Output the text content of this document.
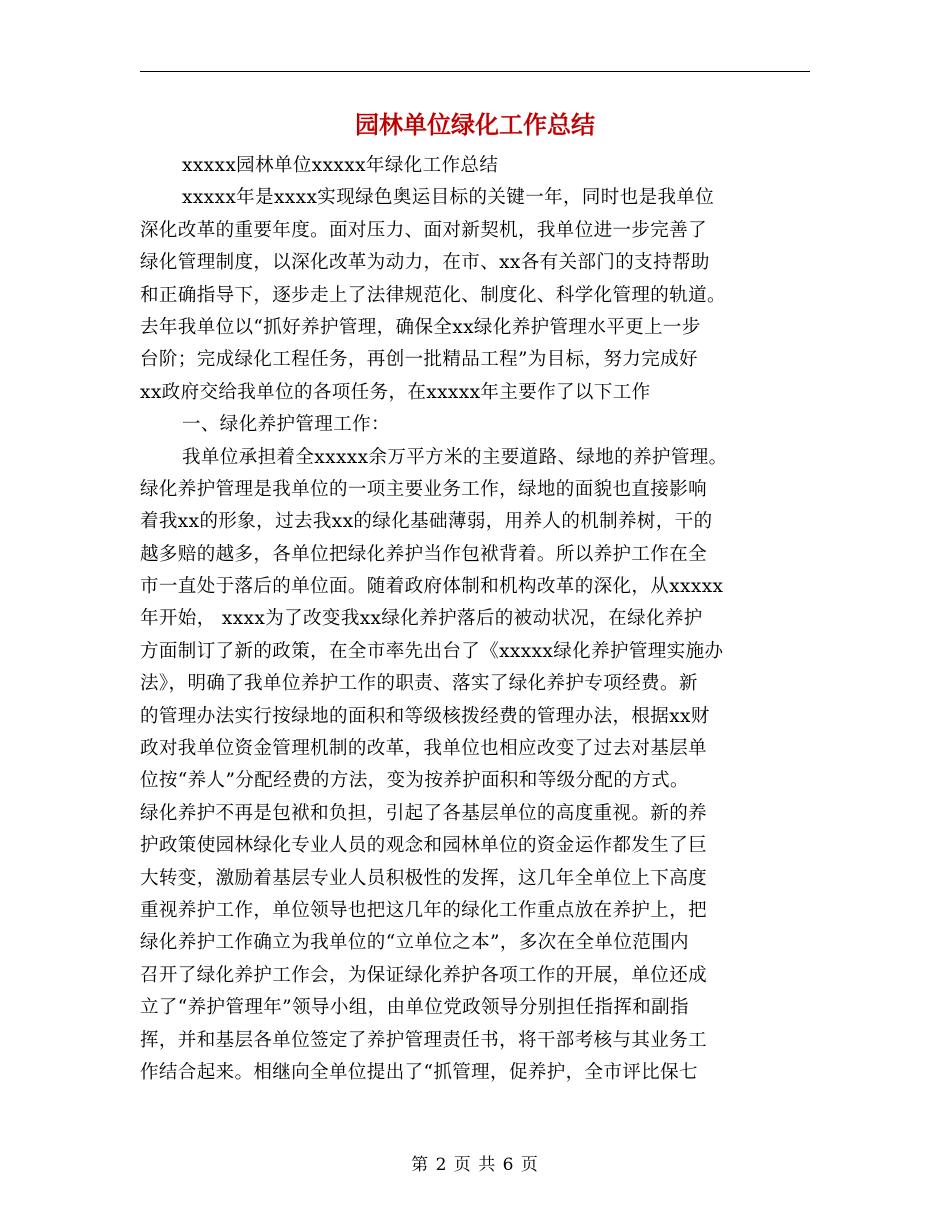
园林单位绿化工作总结
xxxxx园林单位xxxxx年绿化工作总结
xxxxx年是xxxx实现绿色奥运目标的关键一年，同时也是我单位
深化改革的重要年度。面对压力、面对新契机，我单位进一步完善了
绿化管理制度，以深化改革为动力，在市、xx各有关部门的支持帮助
和正确指导下，逐步走上了法律规范化、制度化、科学化管理的轨道。
去年我单位以“抓好养护管理，确保全xx绿化养护管理水平更上一步
台阶；完成绿化工程任务，再创一批精品工程”为目标，努力完成好
xx政府交给我单位的各项任务，在xxxxx年主要作了以下工作
一、绿化养护管理工作：
我单位承担着全xxxxx余万平方米的主要道路、绿地的养护管理。
绿化养护管理是我单位的一项主要业务工作，绿地的面貌也直接影响
着我xx的形象，过去我xx的绿化基础薄弱，用养人的机制养树，干的
越多赔的越多，各单位把绿化养护当作包袱背着。所以养护工作在全
市一直处于落后的单位面。随着政府体制和机构改革的深化，从xxxxx
年开始， xxxx为了改变我xx绿化养护落后的被动状况，在绿化养护
方面制订了新的政策，在全市率先出台了《xxxxx绿化养护管理实施办
法》，明确了我单位养护工作的职责、落实了绿化养护专项经费。新
的管理办法实行按绿地的面积和等级核拨经费的管理办法，根据xx财
政对我单位资金管理机制的改革，我单位也相应改变了过去对基层单
位按“养人”分配经费的方法，变为按养护面积和等级分配的方式。
绿化养护不再是包袱和负担，引起了各基层单位的高度重视。新的养
护政策使园林绿化专业人员的观念和园林单位的资金运作都发生了巨
大转变，激励着基层专业人员积极性的发挥，这几年全单位上下高度
重视养护工作，单位领导也把这几年的绿化工作重点放在养护上，把
绿化养护工作确立为我单位的“立单位之本”，多次在全单位范围内
召开了绿化养护工作会，为保证绿化养护各项工作的开展，单位还成
立了“养护管理年”领导小组，由单位党政领导分别担任指挥和副指
挥，并和基层各单位签定了养护管理责任书，将干部考核与其业务工
作结合起来。相继向全单位提出了“抓管理，促养护，全市评比保七
第 2 页 共 6 页
